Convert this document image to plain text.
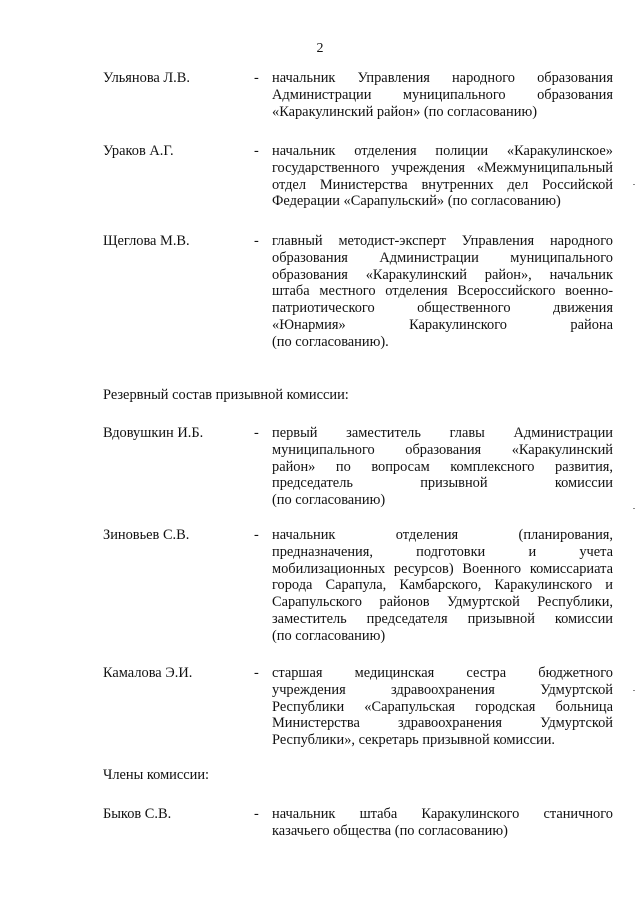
2
Ульянова Л.В.	- начальник Управления народного образования
Администрации муниципального образования
«Каракулинский район» (по согласованию)
Ураков А.Г.	- начальник отделения полиции «Каракулинское»
государственного учреждения «Межмуниципальный
отдел Министерства внутренних дел Российской
Федерации «Сарапульский» (по согласованию)
Щеглова М.В.	- главный методист-эксперт Управления народного
образования Администрации муниципального
образования «Каракулинский район», начальник
штаба местного отделения Всероссийского военно-
патриотического общественного движения
«Юнармия» Каракулинского района
(по согласованию).
Резервный состав призывной комиссии:
Вдовушкин И.Б.	- первый заместитель главы Администрации
муниципального образования «Каракулинский
район» по вопросам комплексного развития,
председатель призывной комиссии
(по согласованию)
Зиновьев С.В.	- начальник отделения (планирования,
предназначения, подготовки и учета
мобилизационных ресурсов) Военного комиссариата
города Сарапула, Камбарского, Каракулинского и
Сарапульского районов Удмуртской Республики,
заместитель председателя призывной комиссии
(по согласованию)
Камалова Э.И.	- старшая медицинская сестра бюджетного
учреждения здравоохранения Удмуртской
Республики «Сарапульская городская больница
Министерства здравоохранения Удмуртской
Республики», секретарь призывной комиссии.
Члены комиссии:
Быков С.В.	- начальник штаба Каракулинского станичного
казачьего общества (по согласованию)
